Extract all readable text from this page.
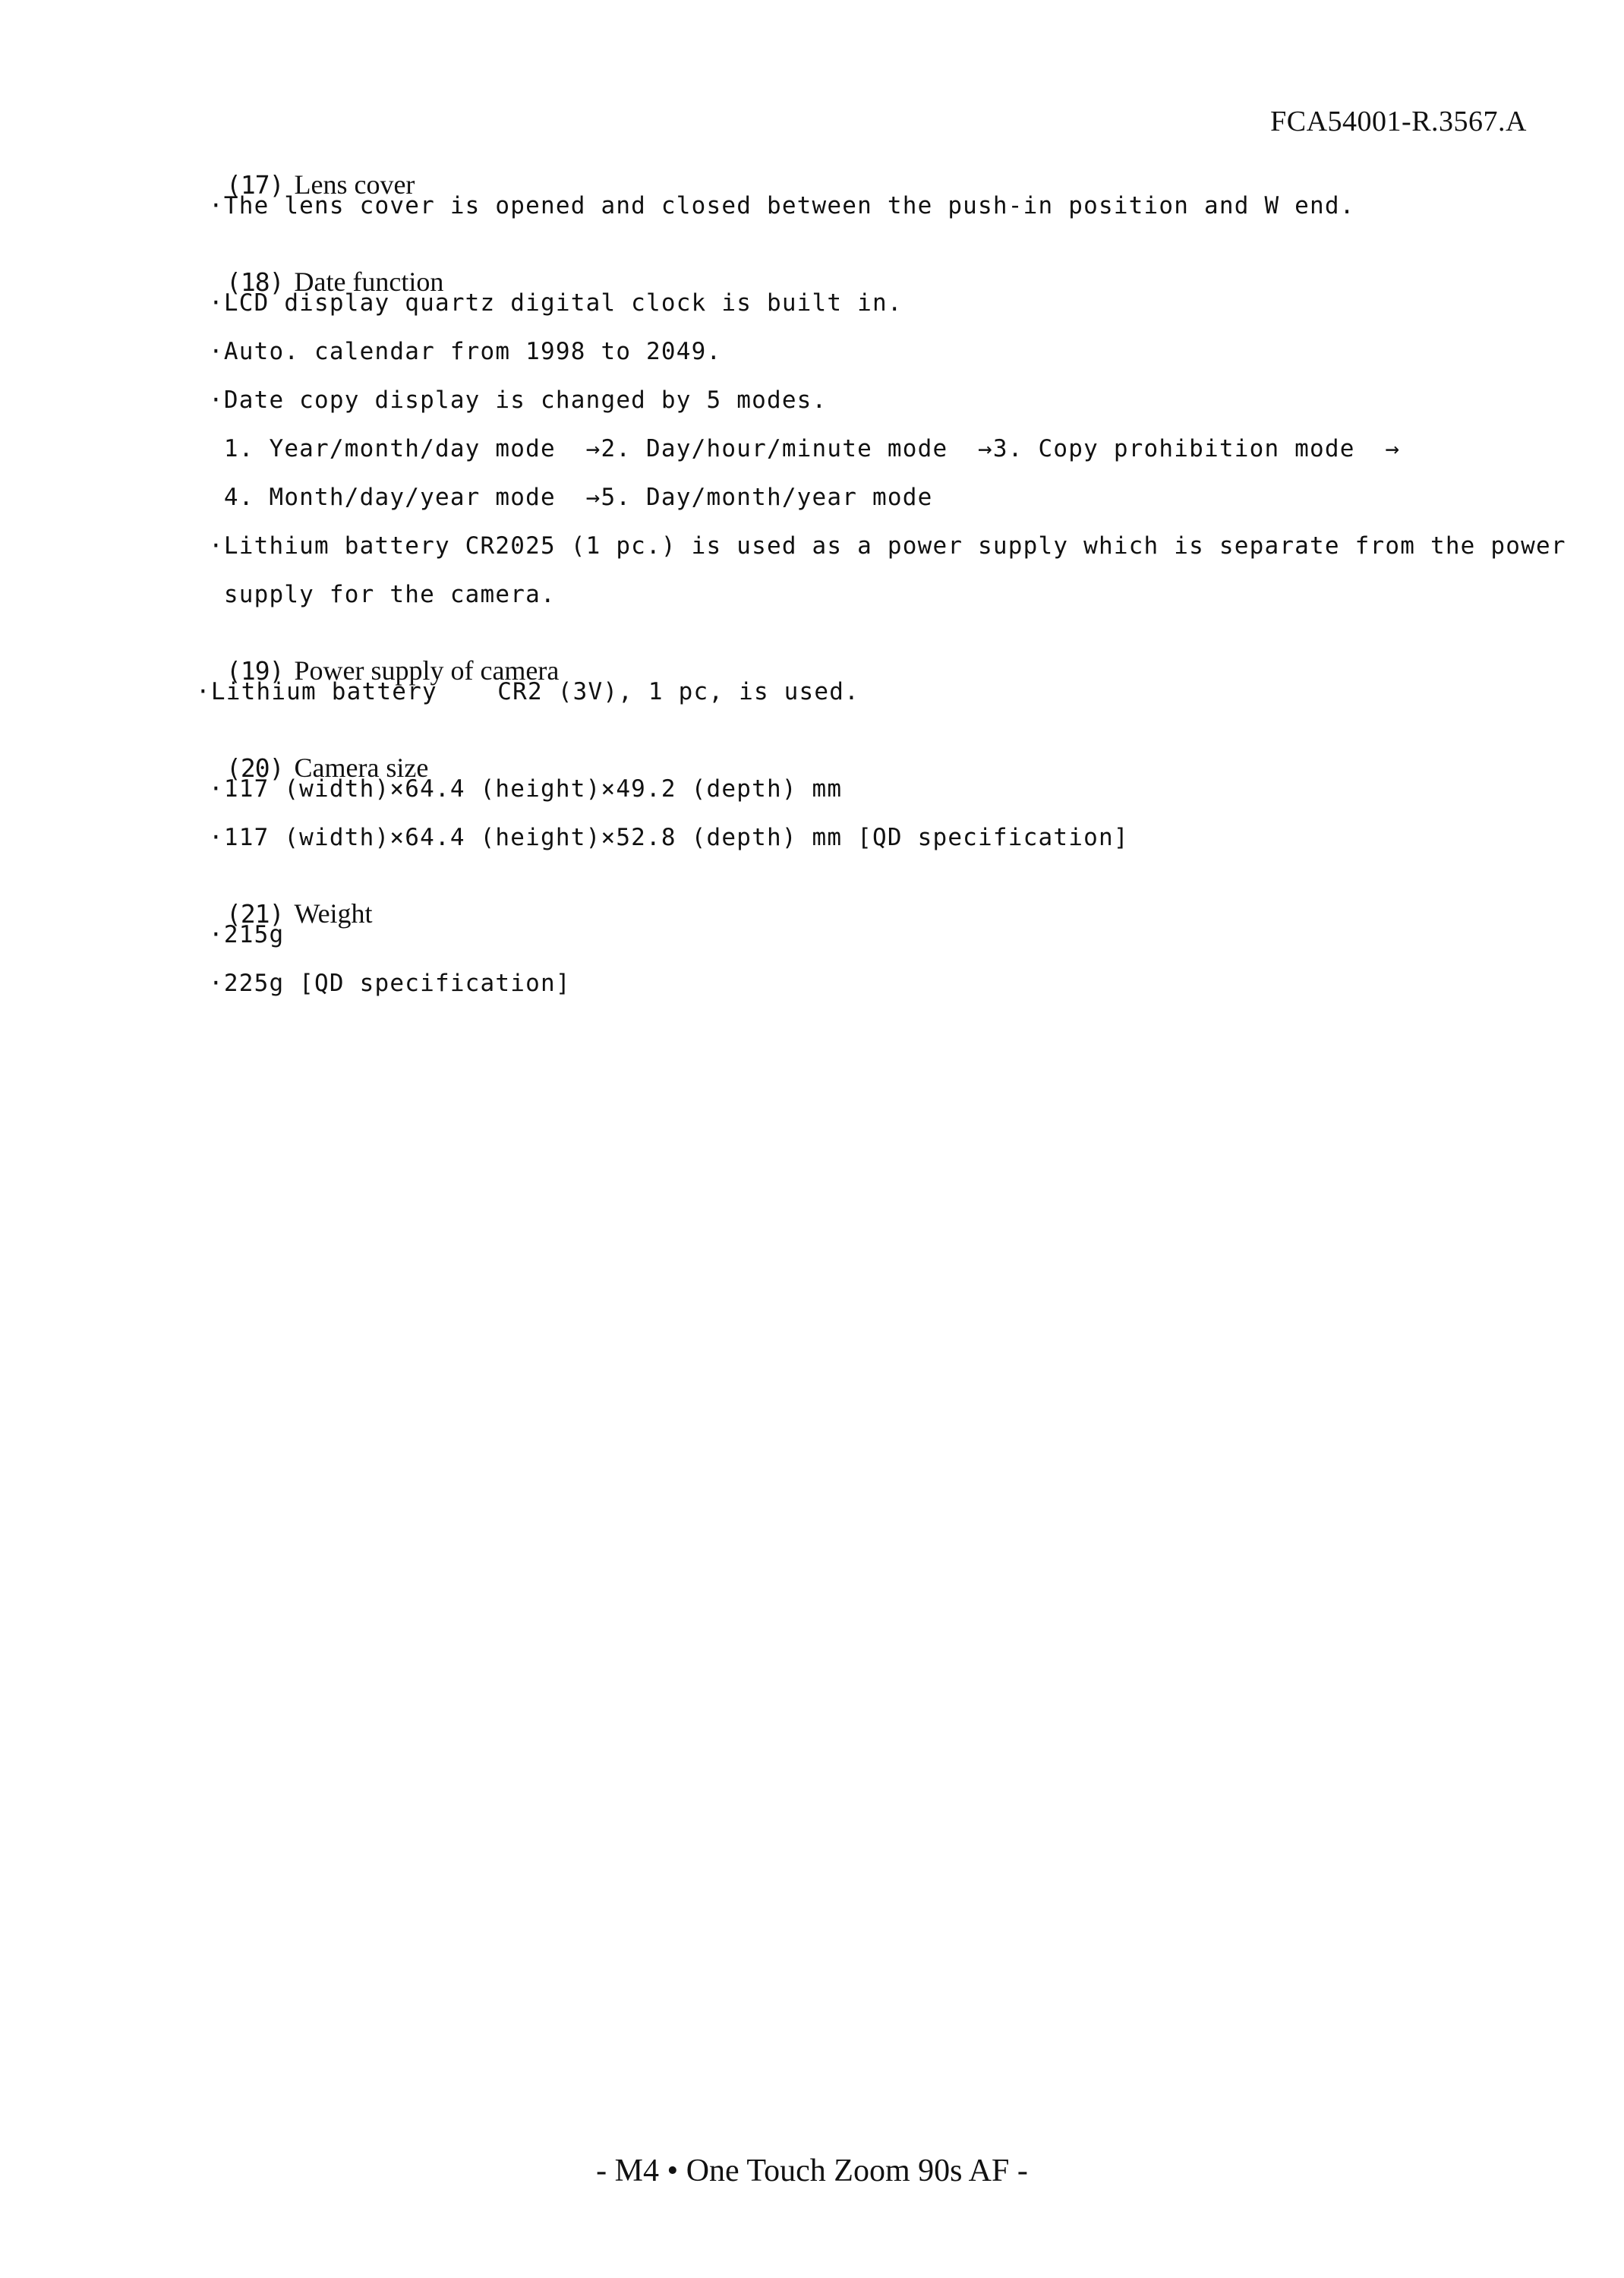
FCA54001-R.3567.A

(17) Lens cover

·The lens cover is opened and closed between the push-in position and W end.

(18) Date function

·LCD display quartz digital clock is built in.
·Auto. calendar from 1998 to 2049.
·Date copy display is changed by 5 modes.
1. Year/month/day mode  →2. Day/hour/minute mode  →3. Copy prohibition mode  →
4. Month/day/year mode  →5. Day/month/year mode
·Lithium battery CR2025 (1 pc.) is used as a power supply which is separate from the power
supply for the camera.

(19) Power supply of camera

·Lithium battery    CR2 (3V), 1 pc, is used.

(20) Camera size

·117 (width)×64.4 (height)×49.2 (depth) mm
·117 (width)×64.4 (height)×52.8 (depth) mm [QD specification]

(21) Weight

·215g
·225g [QD specification]
- M4 • One Touch Zoom 90s AF -
